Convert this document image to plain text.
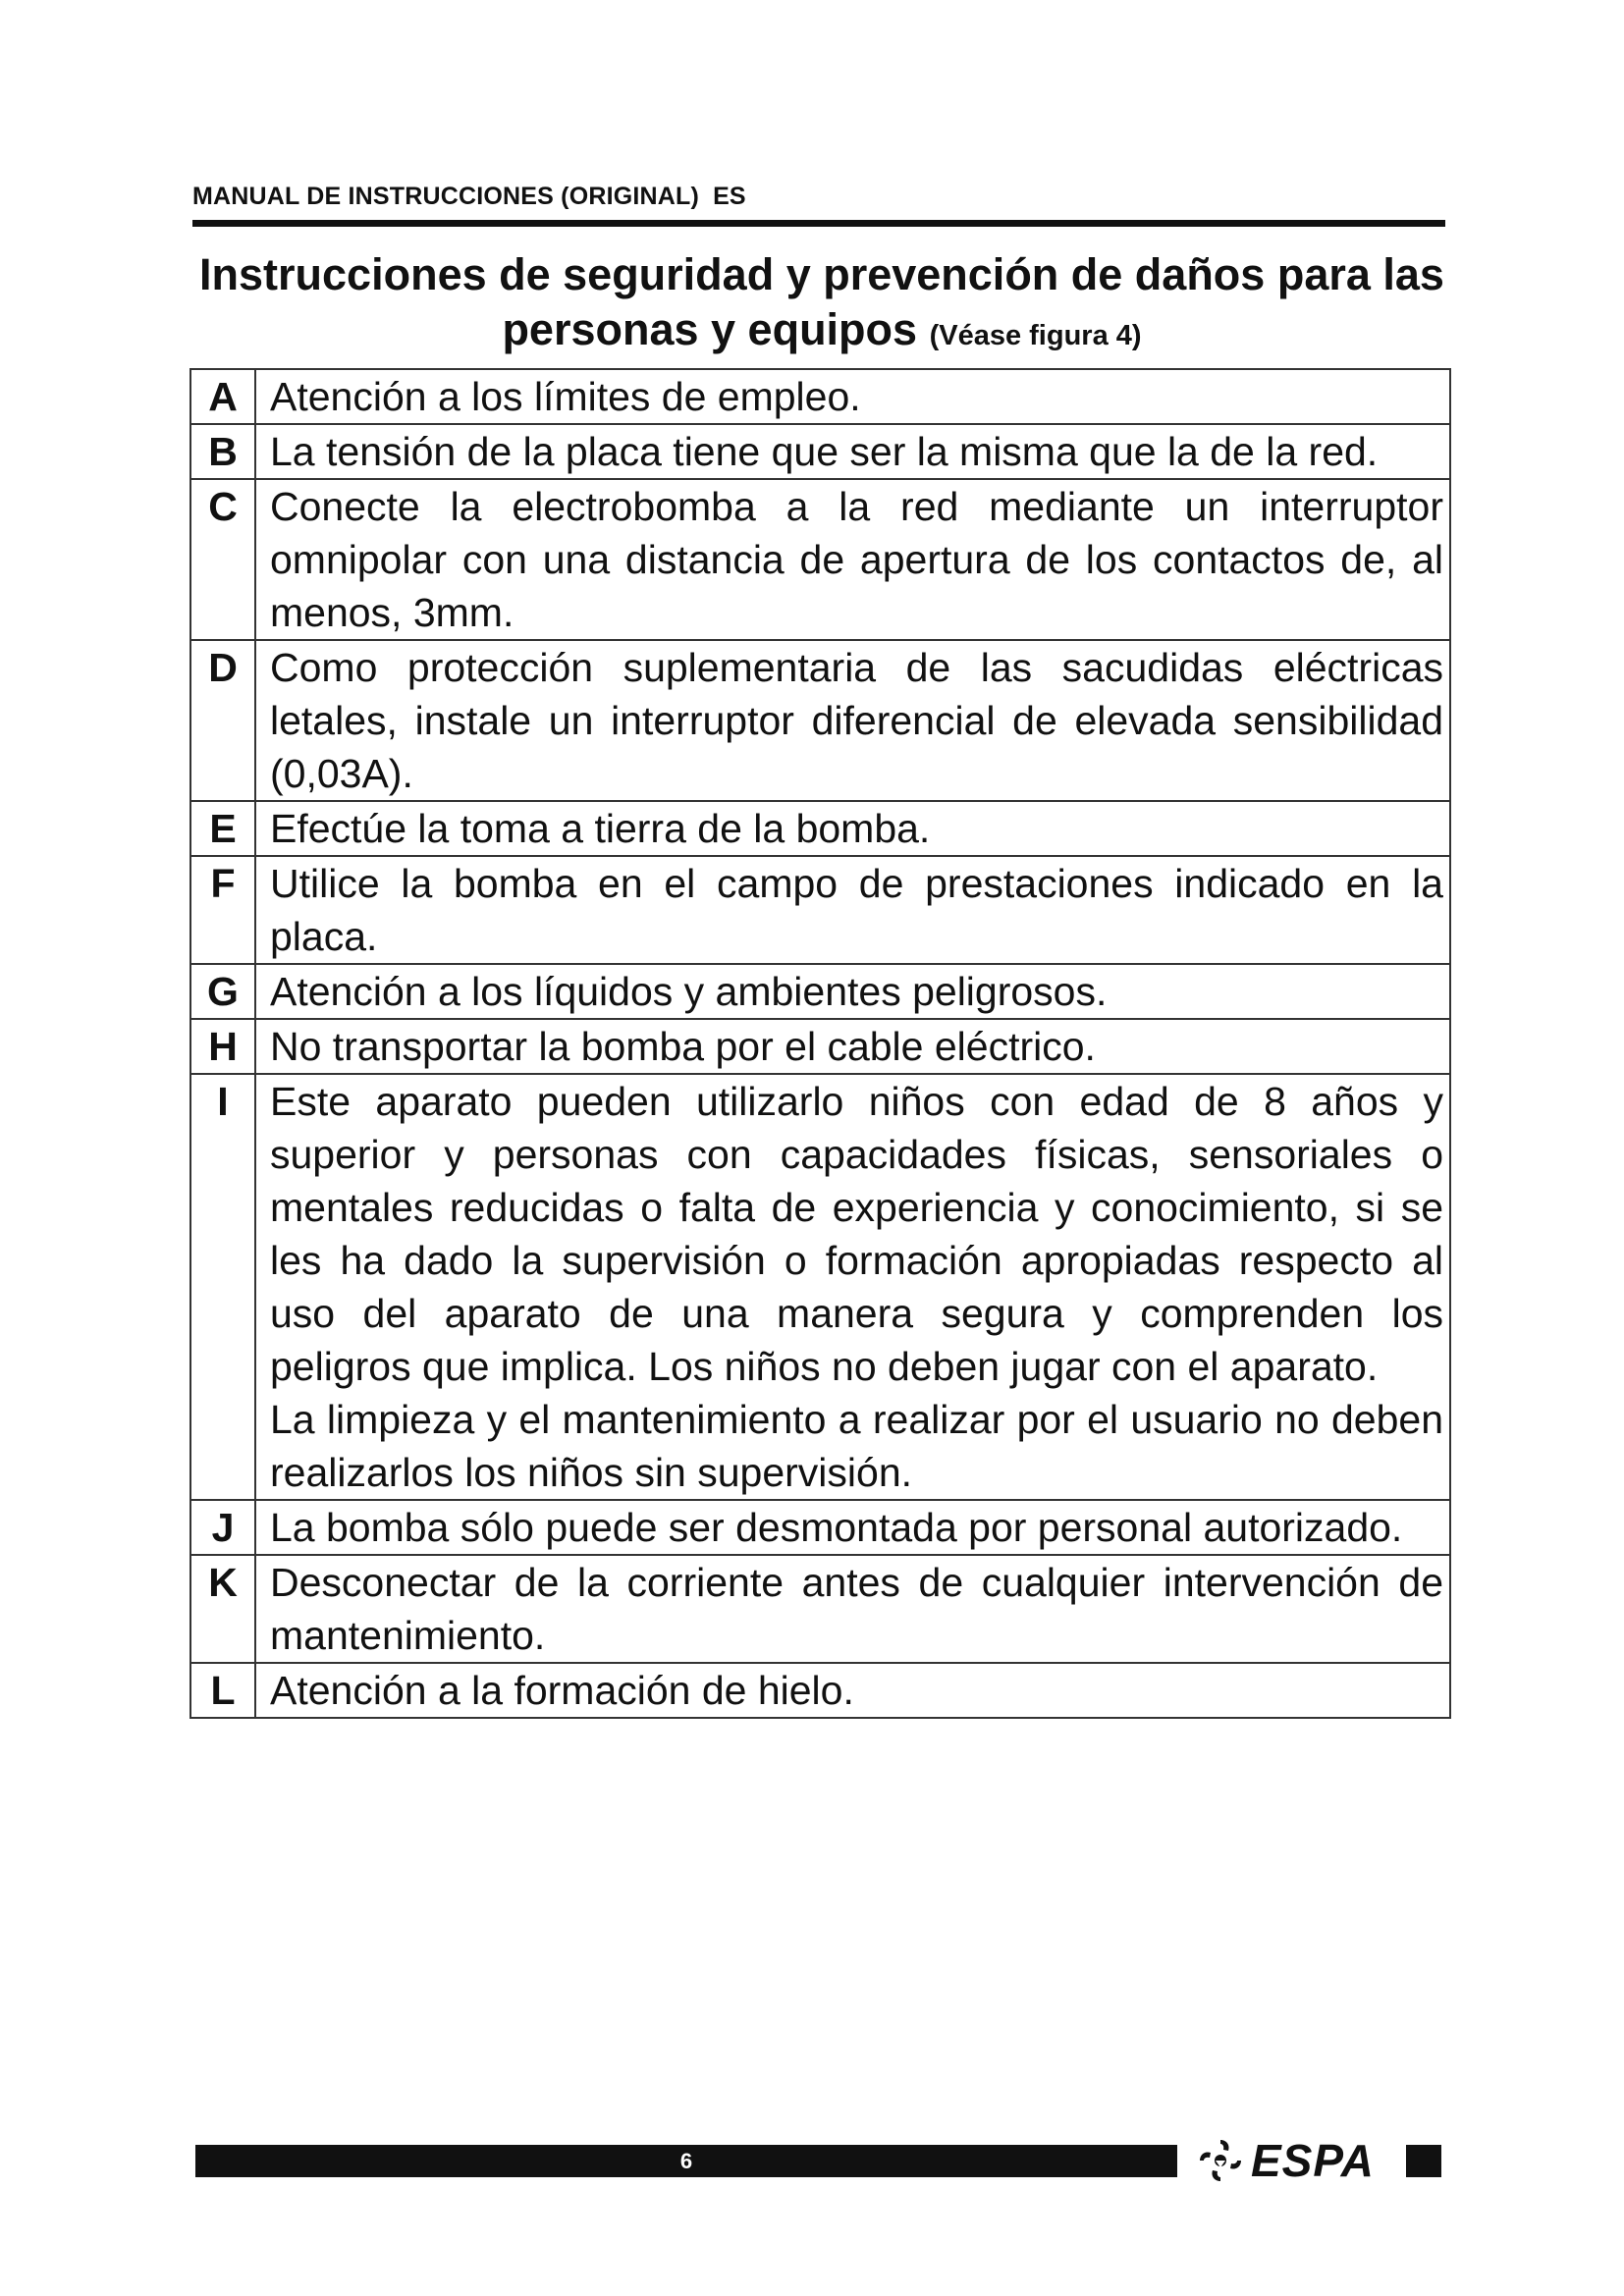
MANUAL DE INSTRUCCIONES (ORIGINAL) ES
Instrucciones de seguridad y prevención de daños para las personas y equipos (Véase figura 4)
A	Atención a los límites de empleo.

B	La tensión de la placa tiene que ser la misma que la de la red.

C	Conecte la electrobomba a la red mediante un interruptor omnipolar con una distancia de apertura de los contactos de, al menos, 3mm.

D	Como protección suplementaria de las sacudidas eléctricas letales, instale un interruptor diferencial de elevada sensibilidad (0,03A).

E	Efectúe la toma a tierra de la bomba.

F	Utilice la bomba en el campo de prestaciones indicado en la placa.

G	Atención a los líquidos y ambientes peligrosos.

H	No transportar la bomba por el cable eléctrico.

I	Este aparato pueden utilizarlo niños con edad de 8 años y superior y personas con capacidades físicas, sensoriales o mentales reducidas o falta de experiencia y conocimiento, si se les ha dado la supervisión o formación apropiadas respecto al uso del aparato de una manera segura y comprenden los peligros que implica. Los niños no deben jugar con el aparato.

La limpieza y el mantenimiento a realizar por el usuario no deben realizarlos los niños sin supervisión.

J	La bomba sólo puede ser desmontada por personal autorizado.

K	Desconectar de la corriente antes de cualquier intervención de mantenimiento.

L	Atención a la formación de hielo.

6	ESPA
